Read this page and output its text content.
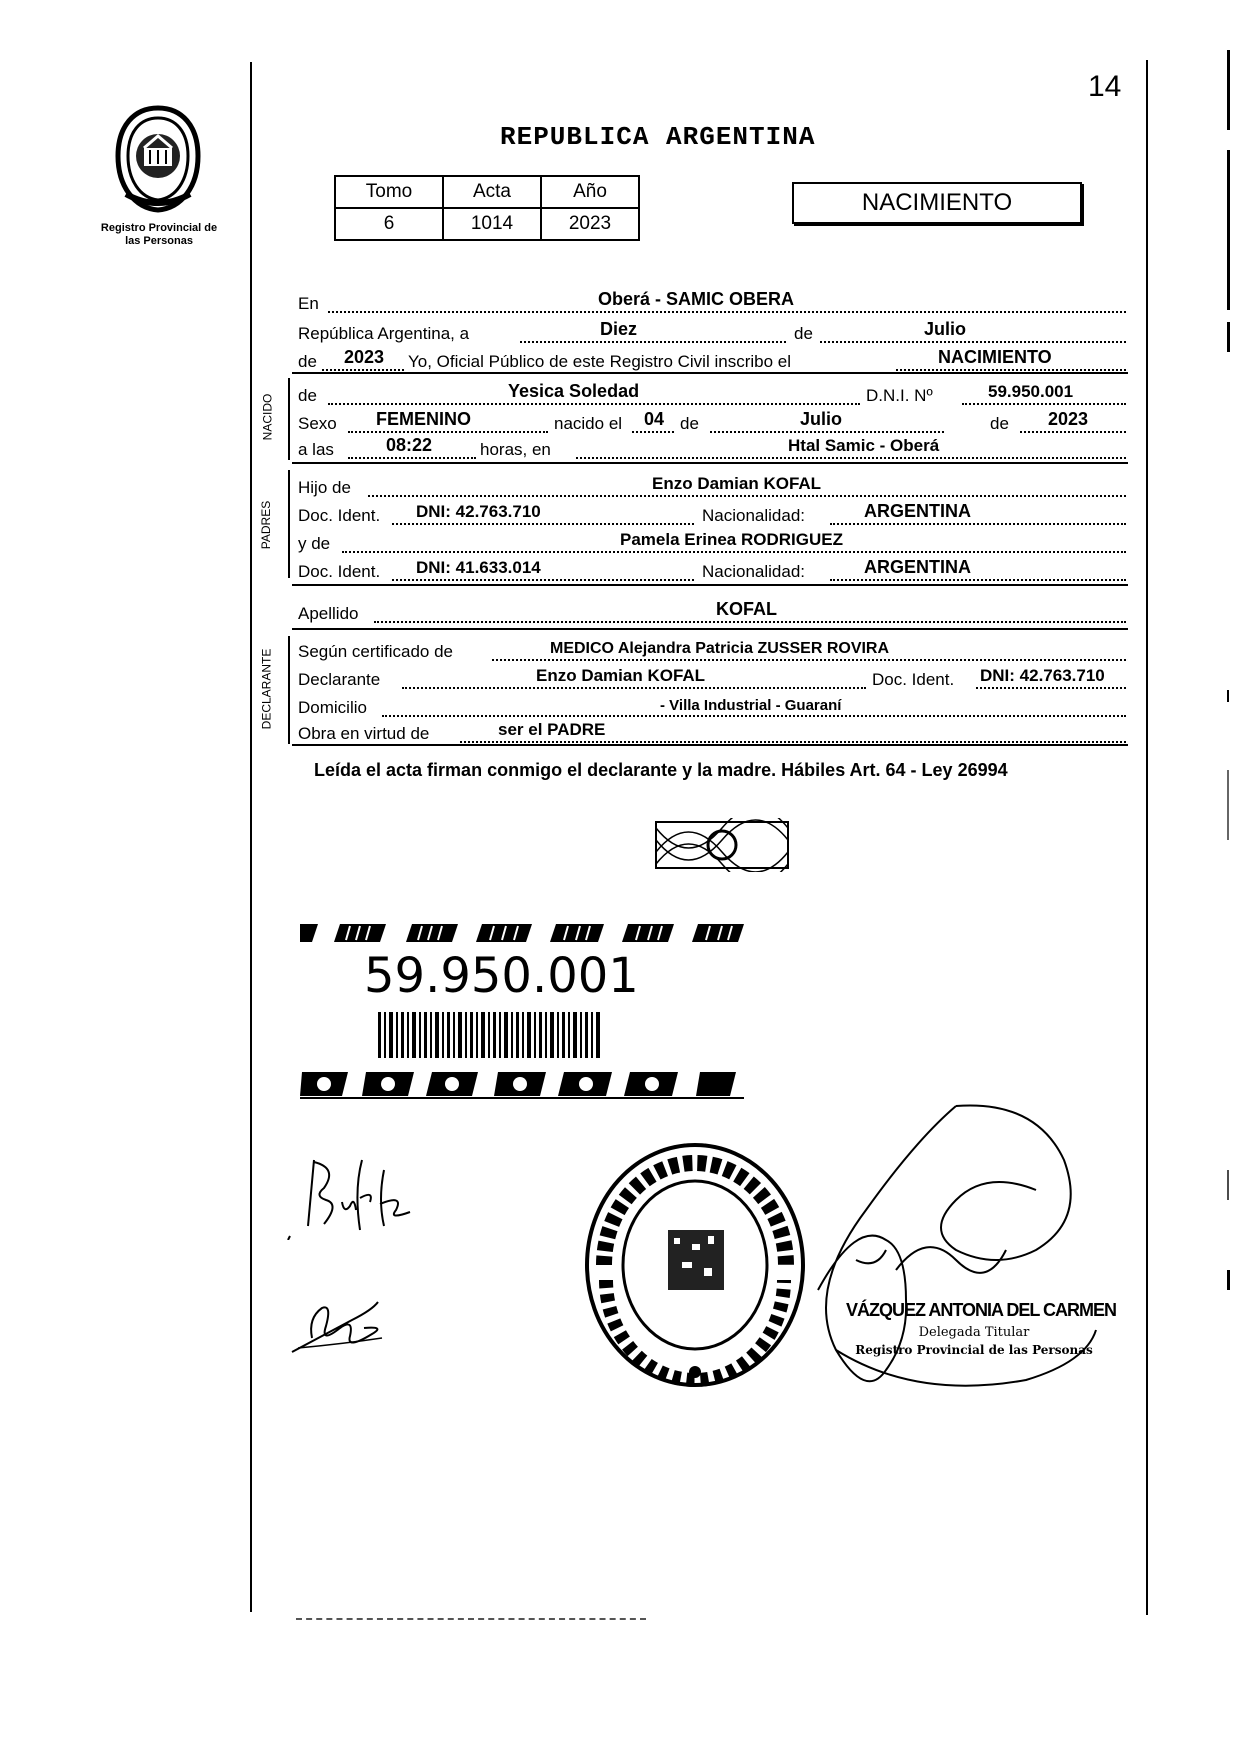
14
Registro Provincial de las Personas
REPUBLICA ARGENTINA
Tomo	Acta	Año
6	1014	2023
NACIMIENTO
En	Oberá - SAMIC OBERA
República Argentina, a	Diez	de	Julio
de 2023 Yo, Oficial Público de este Registro Civil inscribo el	NACIMIENTO
NACIDO de	Yesica Soledad	D.N.I. Nº	59.950.001
Sexo FEMENINO	nacido el 04 de	Julio	de 2023
a las	08:22	horas, en	Htal Samic - Oberá
PADRES
Hijo de	Enzo Damian KOFAL
Doc. Ident. DNI: 42.763.710	Nacionalidad:	ARGENTINA
y de	Pamela Erinea RODRIGUEZ
Doc. Ident. DNI: 41.633.014	Nacionalidad:	ARGENTINA
Apellido	KOFAL
DECLARANTE Según certificado de	MEDICO Alejandra Patricia ZUSSER ROVIRA
Declarante	Enzo Damian KOFAL	Doc. Ident. DNI: 42.763.710
Domicilio	- Villa Industrial - Guaraní
Obra en virtud de	ser el PADRE
Leída el acta firman conmigo el declarante y la madre. Hábiles Art. 64 - Ley 26994
59.950.001
VÁZQUEZ ANTONIA DEL CARMEN
Delegada Titular
Registro Provincial de las Personas
